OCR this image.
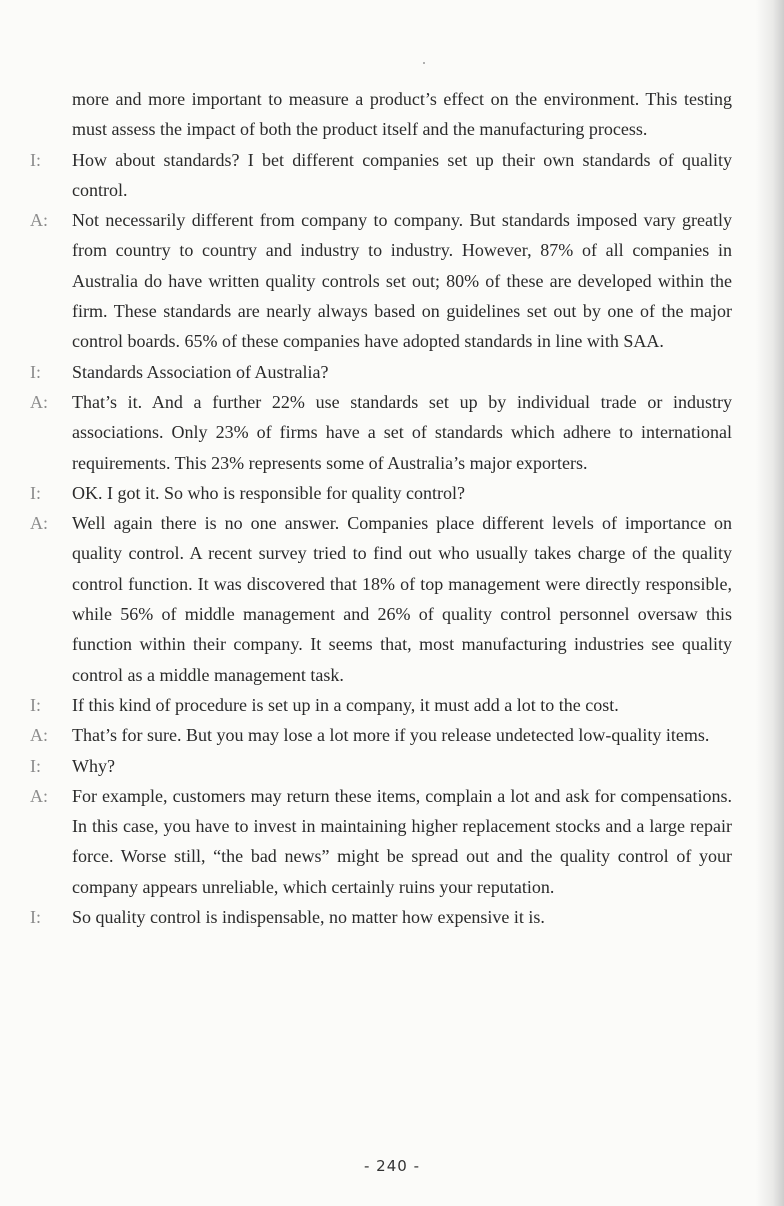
more and more important to measure a product’s effect on the environment. This testing must assess the impact of both the product itself and the manufacturing process.
I:	How about standards? I bet different companies set up their own standards of quality control.
A:	Not necessarily different from company to company. But standards imposed vary greatly from country to country and industry to industry. However, 87% of all companies in Australia do have written quality controls set out; 80% of these are developed within the firm. These standards are nearly always based on guidelines set out by one of the major control boards. 65% of these companies have adopted standards in line with SAA.
I:	Standards Association of Australia?
A:	That’s it. And a further 22% use standards set up by individual trade or industry associations. Only 23% of firms have a set of standards which adhere to international requirements. This 23% represents some of Australia’s major exporters.
I:	OK. I got it. So who is responsible for quality control?
A:	Well again there is no one answer. Companies place different levels of importance on quality control. A recent survey tried to find out who usually takes charge of the quality control function. It was discovered that 18% of top management were directly responsible, while 56% of middle management and 26% of quality control personnel oversaw this function within their company. It seems that, most manufacturing industries see quality control as a middle management task.
I:	If this kind of procedure is set up in a company, it must add a lot to the cost.
A:	That’s for sure. But you may lose a lot more if you release undetected low-quality items.
I:	Why?
A:	For example, customers may return these items, complain a lot and ask for compensations. In this case, you have to invest in maintaining higher replacement stocks and a large repair force. Worse still, “the bad news” might be spread out and the quality control of your company appears unreliable, which certainly ruins your reputation.
I:	So quality control is indispensable, no matter how expensive it is.
- 240 -
